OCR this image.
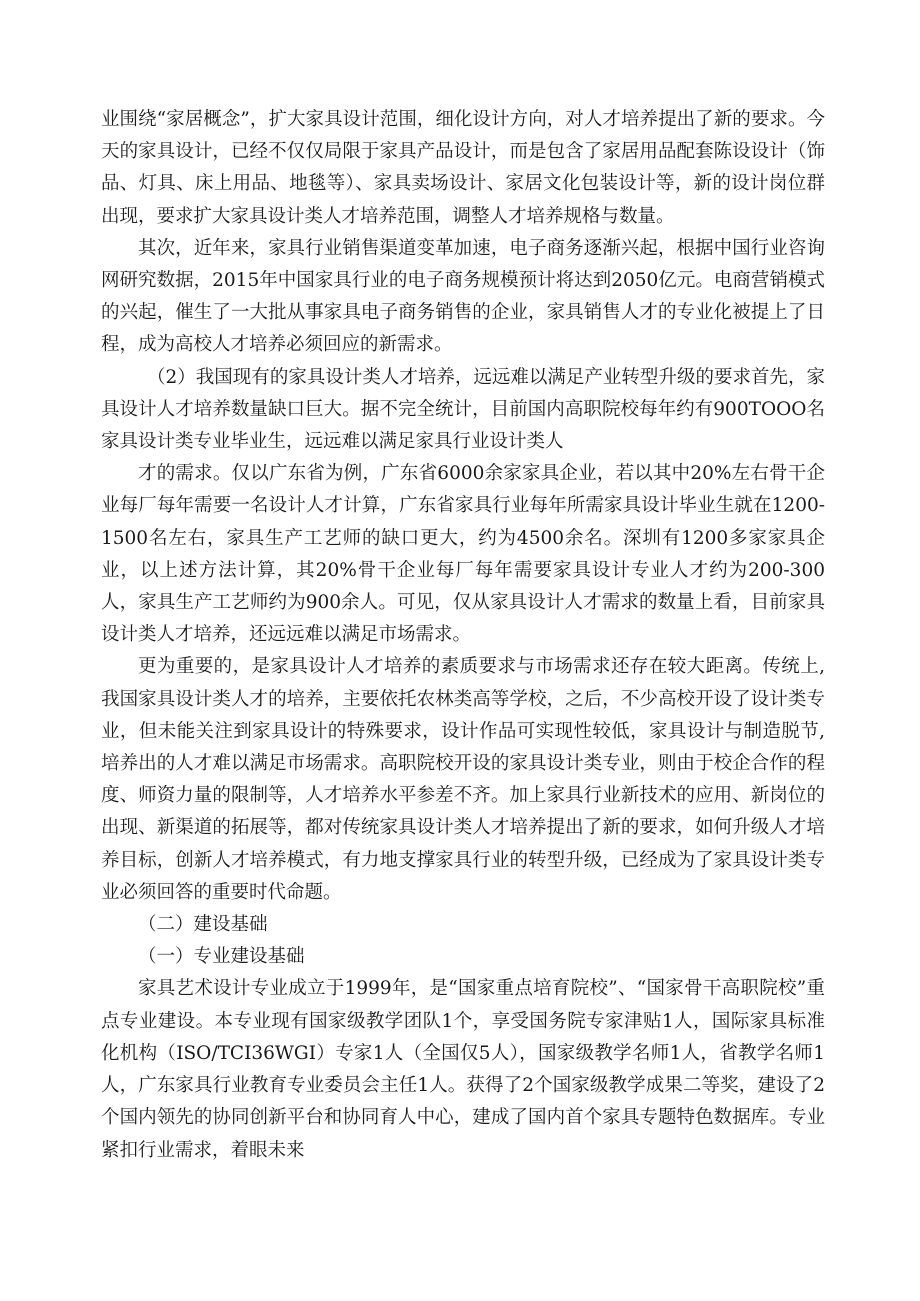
业围绕“家居概念”，扩大家具设计范围，细化设计方向，对人才培养提出了新的要求。今天的家具设计，已经不仅仅局限于家具产品设计，而是包含了家居用品配套陈设设计（饰品、灯具、床上用品、地毯等）、家具卖场设计、家居文化包装设计等，新的设计岗位群出现，要求扩大家具设计类人才培养范围，调整人才培养规格与数量。

其次，近年来，家具行业销售渠道变革加速，电子商务逐渐兴起，根据中国行业咨询网研究数据，2015年中国家具行业的电子商务规模预计将达到2050亿元。电商营销模式的兴起，催生了一大批从事家具电子商务销售的企业，家具销售人才的专业化被提上了日程，成为高校人才培养必须回应的新需求。

（2）我国现有的家具设计类人才培养，远远难以满足产业转型升级的要求首先，家具设计人才培养数量缺口巨大。据不完全统计，目前国内高职院校每年约有900TOOO名家具设计类专业毕业生，远远难以满足家具行业设计类人

才的需求。仅以广东省为例，广东省6000余家家具企业，若以其中20%左右骨干企业每厂每年需要一名设计人才计算，广东省家具行业每年所需家具设计毕业生就在1200-1500名左右，家具生产工艺师的缺口更大，约为4500余名。深圳有1200多家家具企业，以上述方法计算，其20%骨干企业每厂每年需要家具设计专业人才约为200-300人，家具生产工艺师约为900余人。可见，仅从家具设计人才需求的数量上看，目前家具设计类人才培养，还远远难以满足市场需求。

更为重要的，是家具设计人才培养的素质要求与市场需求还存在较大距离。传统上,我国家具设计类人才的培养，主要依托农林类高等学校，之后，不少高校开设了设计类专业，但未能关注到家具设计的特殊要求，设计作品可实现性较低，家具设计与制造脱节,培养出的人才难以满足市场需求。高职院校开设的家具设计类专业，则由于校企合作的程度、师资力量的限制等，人才培养水平参差不齐。加上家具行业新技术的应用、新岗位的出现、新渠道的拓展等，都对传统家具设计类人才培养提出了新的要求，如何升级人才培养目标，创新人才培养模式，有力地支撑家具行业的转型升级，已经成为了家具设计类专业必须回答的重要时代命题。

（二）建设基础

（一）专业建设基础

家具艺术设计专业成立于1999年，是“国家重点培育院校”、“国家骨干高职院校”重点专业建设。本专业现有国家级教学团队1个，享受国务院专家津贴1人，国际家具标准化机构（ISO/TCI36WGI）专家1人（全国仅5人），国家级教学名师1人，省教学名师1人，广东家具行业教育专业委员会主任1人。获得了2个国家级教学成果二等奖，建设了2个国内领先的协同创新平台和协同育人中心，建成了国内首个家具专题特色数据库。专业紧扣行业需求，着眼未来
